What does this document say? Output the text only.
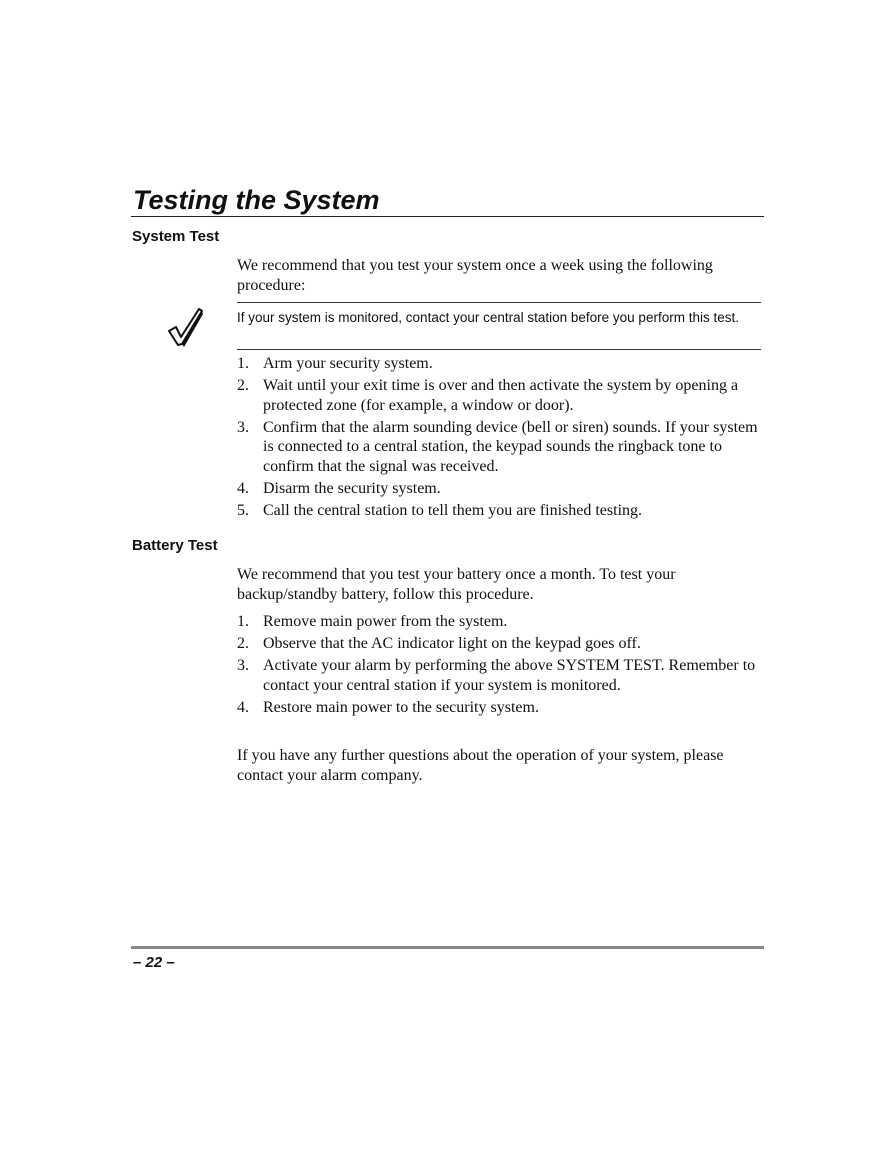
Testing the System
System Test

We recommend that you test your system once a week using the following procedure:

If your system is monitored, contact your central station before you perform this test.

1. Arm your security system.
2. Wait until your exit time is over and then activate the system by opening a protected zone (for example, a window or door).
3. Confirm that the alarm sounding device (bell or siren) sounds. If your system is connected to a central station, the keypad sounds the ringback tone to confirm that the signal was received.
4. Disarm the security system.
5. Call the central station to tell them you are finished testing.
Battery Test

We recommend that you test your battery once a month. To test your backup/standby battery, follow this procedure.

1. Remove main power from the system.
2. Observe that the AC indicator light on the keypad goes off.
3. Activate your alarm by performing the above SYSTEM TEST. Remember to contact your central station if your system is monitored.
4. Restore main power to the security system.

If you have any further questions about the operation of your system, please contact your alarm company.

– 22 –
